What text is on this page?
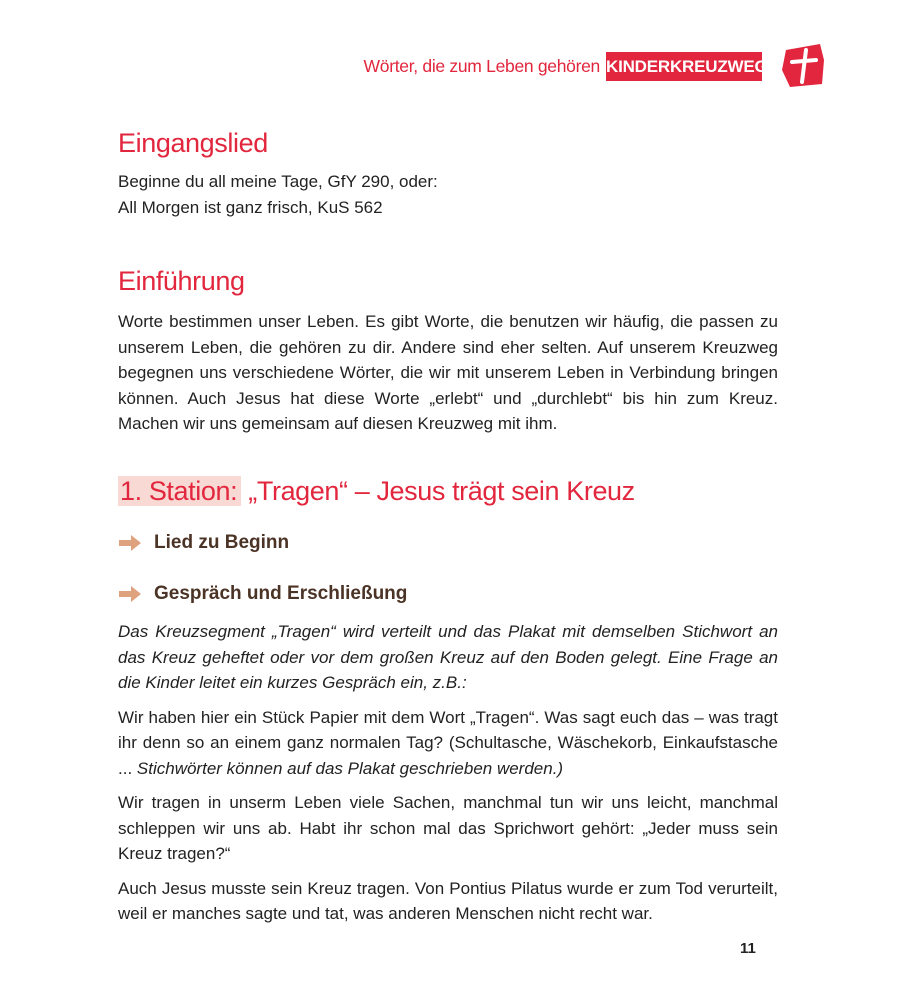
Wörter, die zum Leben gehören KINDERKREUZWEG
Eingangslied

Beginne du all meine Tage, GfY 290, oder:

All Morgen ist ganz frisch, KuS 562

Einführung

Worte bestimmen unser Leben. Es gibt Worte, die benutzen wir häufig, die passen zu unserem Leben, die gehören zu dir. Andere sind eher selten. Auf unserem Kreuzweg begegnen uns verschiedene Wörter, die wir mit unserem Leben in Verbindung bringen können. Auch Jesus hat diese Worte „erlebt“ und „durchlebt“ bis hin zum Kreuz. Machen wir uns gemeinsam auf diesen Kreuzweg mit ihm.

1. Station: „Tragen“ – Jesus trägt sein Kreuz
Lied zu Beginn
Gespräch und Erschließung

Das Kreuzsegment „Tragen“ wird verteilt und das Plakat mit demselben Stichwort an das Kreuz geheftet oder vor dem großen Kreuz auf den Boden gelegt. Eine Frage an die Kinder leitet ein kurzes Gespräch ein, z.B.:

Wir haben hier ein Stück Papier mit dem Wort „Tragen“. Was sagt euch das – was tragt ihr denn so an einem ganz normalen Tag? (Schultasche, Wäschekorb, Einkaufstasche ... Stichwörter können auf das Plakat geschrieben werden.)

Wir tragen in unserm Leben viele Sachen, manchmal tun wir uns leicht, manchmal schleppen wir uns ab. Habt ihr schon mal das Sprichwort gehört: „Jeder muss sein Kreuz tragen?“

Auch Jesus musste sein Kreuz tragen. Von Pontius Pilatus wurde er zum Tod verurteilt, weil er manches sagte und tat, was anderen Menschen nicht recht war.

11
